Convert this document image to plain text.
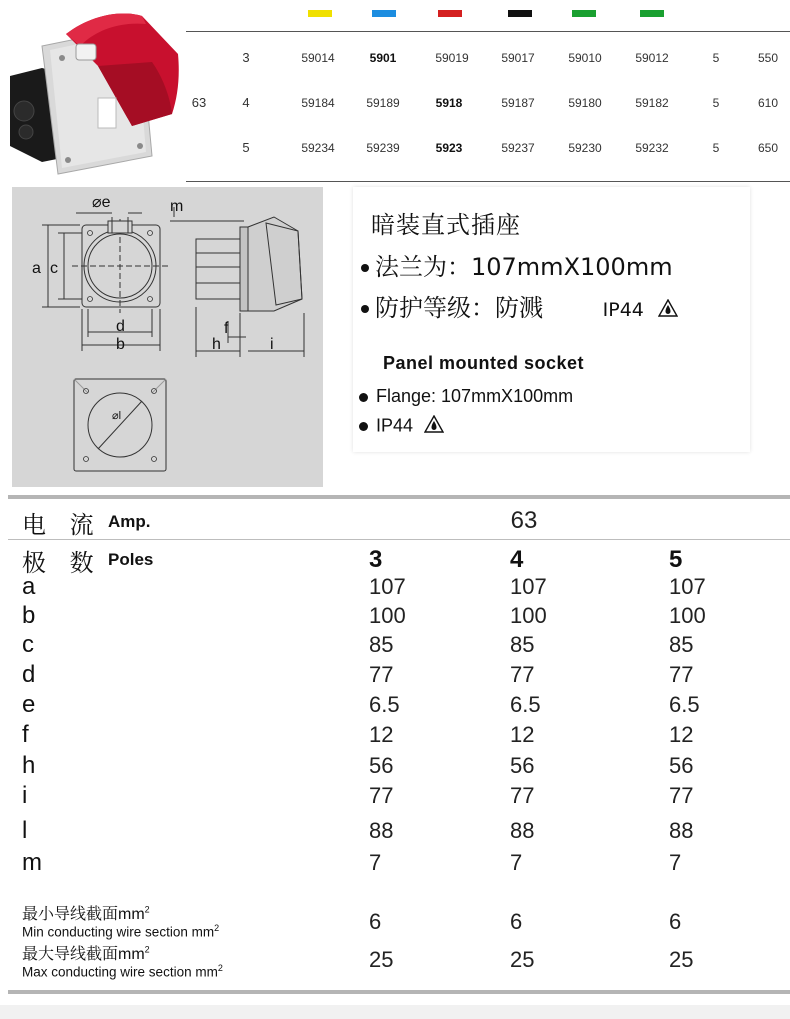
63
3	59014	5901	59019	59017	59010	59012	5	550
4	59184	59189	5918	59187	59180	59182	5	610
5	59234	59239	5923	59237	59230	59232	5	650
⌀e	m
a c
d
b
f
h	i
⌀l
暗装直式插座
法兰为：107mmX100mm
防护等级：防溅	IP44
Panel mounted socket
Flange: 107mmX100mm
IP44
电 流 Amp.	63
极 数 Poles	3	4	5
a	107	107	107
b	100	100	100
c	85	85	85
d	77	77	77
e	6.5	6.5	6.5
f	12	12	12
h	56	56	56
i	77	77	77
l	88	88	88
m	7	7	7
最小导线截面$mm^2$
Min conducting wire section $mm^2$	6	6	6
最大导线截面$mm^2$
Max conducting wire section $mm^2$	25	25	25
